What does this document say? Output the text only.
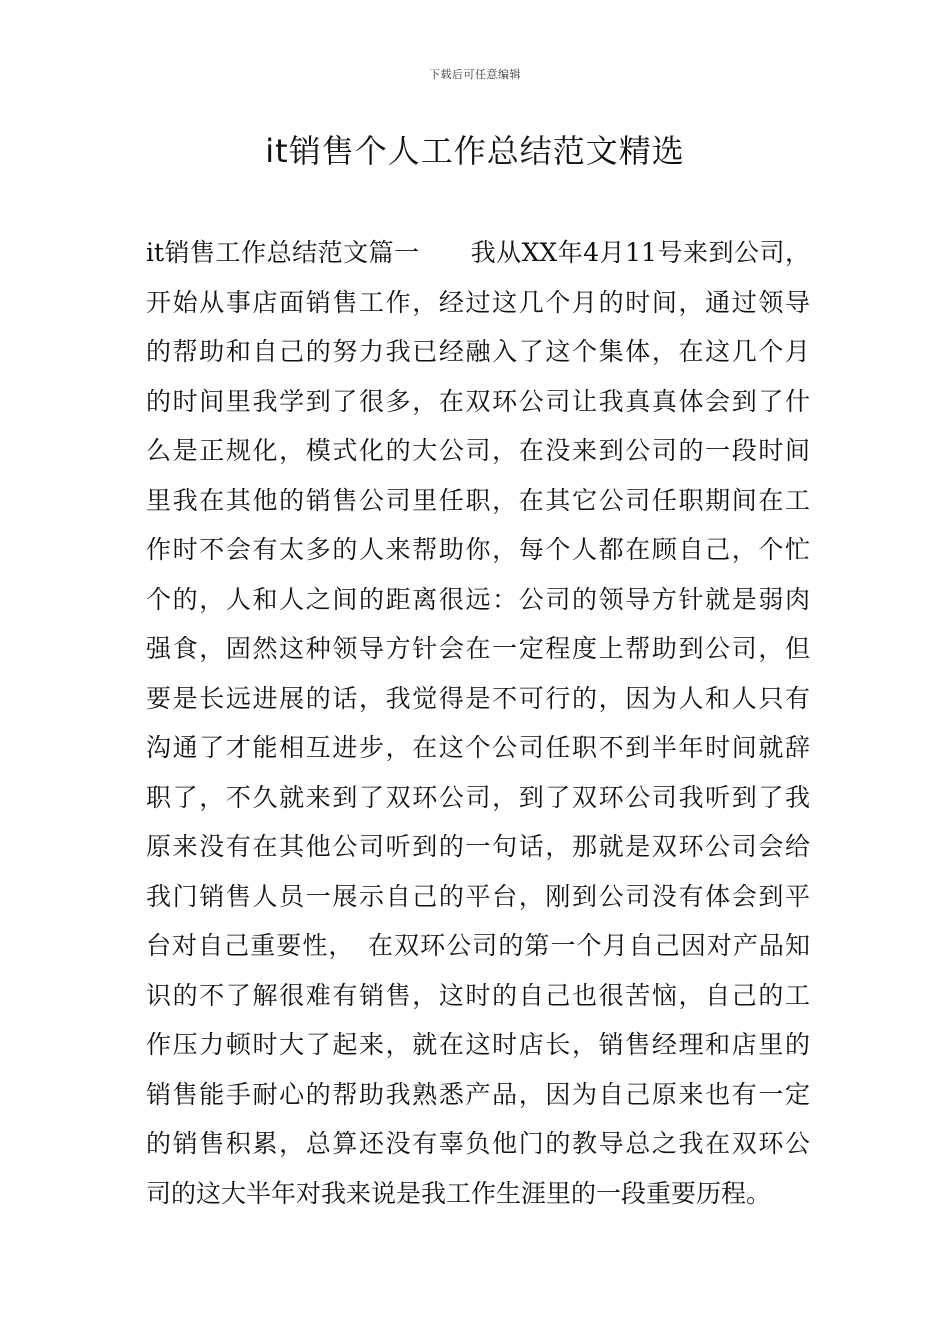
下载后可任意编辑
it销售个人工作总结范文精选
it销售工作总结范文篇一　　我从XX年4月11号来到公司，
开始从事店面销售工作，经过这几个月的时间，通过领导
的帮助和自己的努力我已经融入了这个集体，在这几个月
的时间里我学到了很多，在双环公司让我真真体会到了什
么是正规化，模式化的大公司，在没来到公司的一段时间
里我在其他的销售公司里任职，在其它公司任职期间在工
作时不会有太多的人来帮助你，每个人都在顾自己，个忙
个的，人和人之间的距离很远：公司的领导方针就是弱肉
强食，固然这种领导方针会在一定程度上帮助到公司，但
要是长远进展的话，我觉得是不可行的，因为人和人只有
沟通了才能相互进步，在这个公司任职不到半年时间就辞
职了，不久就来到了双环公司，到了双环公司我听到了我
原来没有在其他公司听到的一句话，那就是双环公司会给
我门销售人员一展示自己的平台，刚到公司没有体会到平
台对自己重要性，　在双环公司的第一个月自己因对产品知
识的不了解很难有销售，这时的自己也很苦恼，自己的工
作压力顿时大了起来，就在这时店长，销售经理和店里的
销售能手耐心的帮助我熟悉产品，因为自己原来也有一定
的销售积累，总算还没有辜负他门的教导总之我在双环公
司的这大半年对我来说是我工作生涯里的一段重要历程。
